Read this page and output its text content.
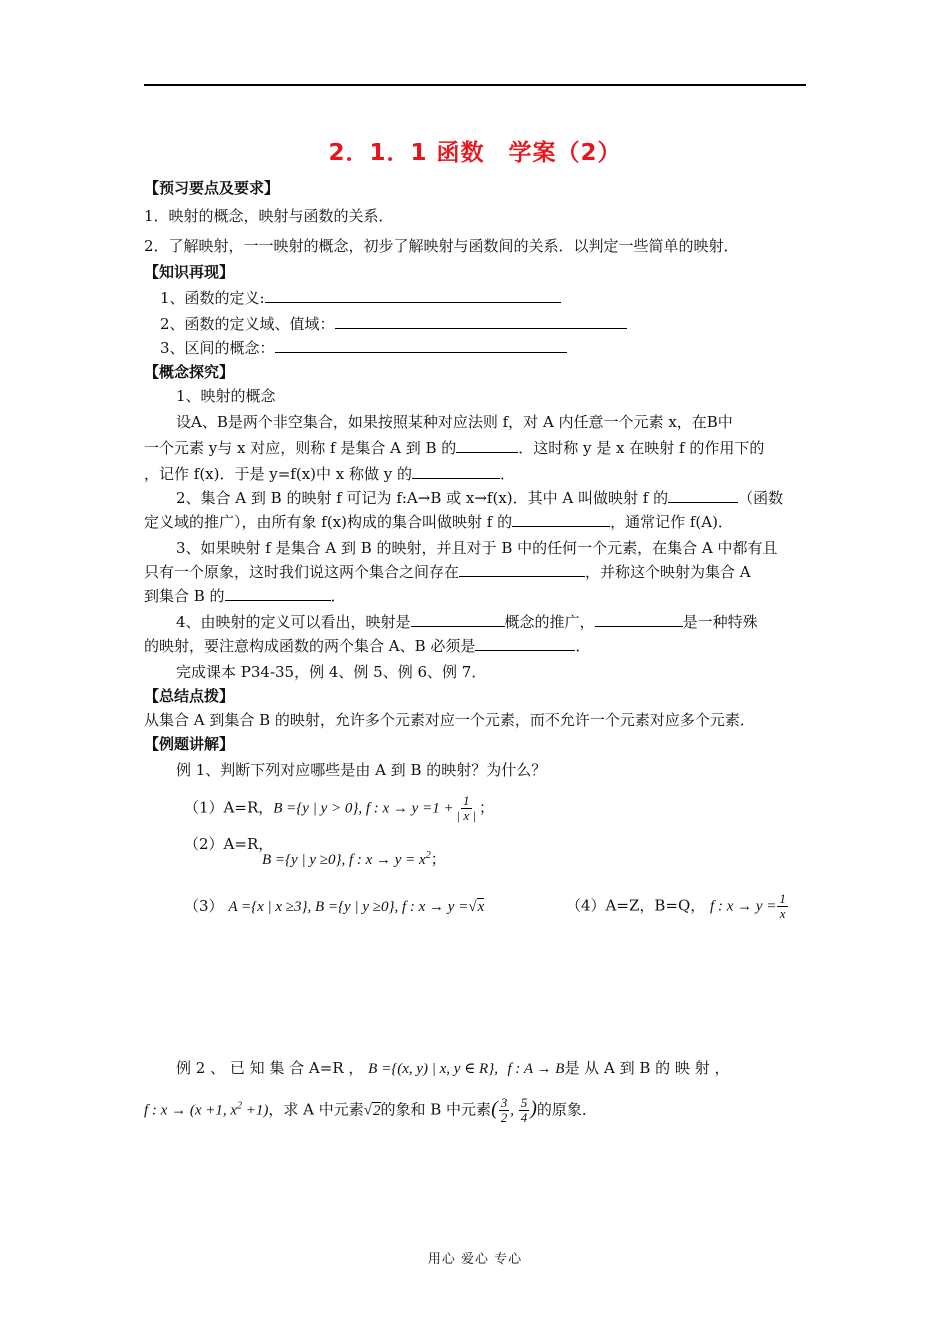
2．1．1 函数　学案（2）
【预习要点及要求】
1．映射的概念，映射与函数的关系．
2．了解映射，一一映射的概念，初步了解映射与函数间的关系．以判定一些简单的映射．
【知识再现】
1、函数的定义:
2、函数的定义域、值域：
3、区间的概念：
【概念探究】
1、映射的概念
设A、B是两个非空集合，如果按照某种对应法则 f，对 A 内任意一个元素 x，在B中
一个元素 y与 x 对应，则称 f 是集合 A 到 B 的	．这时称 y 是 x 在映射 f 的作用下的
，记作 f(x)．于是 y=f(x)中 x 称做 y 的	．
2、集合 A 到 B 的映射 f 可记为 f:A→B 或 x→f(x)．其中 A 叫做映射 f 的	（函数
定义域的推广），由所有象 f(x)构成的集合叫做映射 f 的	，通常记作 f(A)．
3、如果映射 f 是集合 A 到 B 的映射，并且对于 B 中的任何一个元素，在集合 A 中都有且
只有一个原象，这时我们说这两个集合之间存在	，并称这个映射为集合 A
到集合 B 的	．
4、由映射的定义可以看出，映射是	概念的推广，	是一种特殊
的映射，要注意构成函数的两个集合 A、B 必须是	．
完成课本 P34-35，例 4、例 5、例 6、例 7．
【总结点拨】
从集合 A 到集合 B 的映射，允许多个元素对应一个元素，而不允许一个元素对应多个元素．
【例题讲解】
例 1、判断下列对应哪些是由 A 到 B 的映射？为什么？
（1）A=R，B ={y | y > 0}, f : $x \to y =1 + \frac{1}{| x |}$ ；
（2）A=R，
B ={y | y ≥0}, f : $x \to y = x^2$；
（3） A ={x | x ≥3}, B ={y | y ≥0}, f : x → y =√x	（4）A=Z，B=Q， f : $x \to y = \frac{1}{x}$
例 2 、 已 知 集 合 A=R ， B ={(x, y) | x, y ∈ R}, f : A → B是 从 A 到 B 的 映 射 ，
f : x → (x +1, $x^2 +1$)，求 A 中元素√2的象和 B 中元素( $\frac{3}{2}$ , $\frac{5}{4}$ )的原象．
用心 爱心 专心
